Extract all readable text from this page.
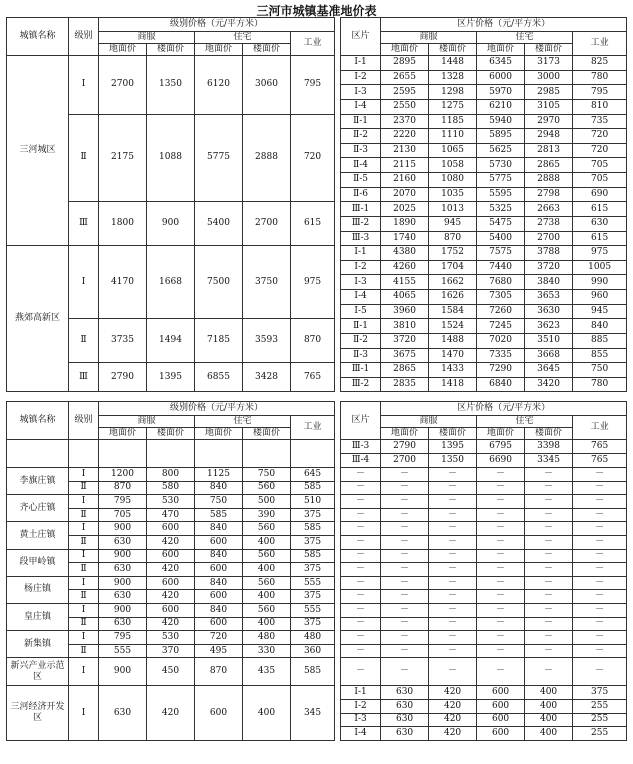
三河市城镇基准地价表
城镇名称	级别	级别价格（元/平方米）						区片	区片价格（元/平方米）				
		商服		住宅		工业			商服		住宅		工业
		地面价	楼面价	地面价	楼面价				地面价	楼面价	地面价	楼面价	
三河城区	Ⅰ	2700	1350	6120	3060	795		Ⅰ-1	2895	1448	6345	3173	825
								Ⅰ-2	2655	1328	6000	3000	780
								Ⅰ-3	2595	1298	5970	2985	795
								Ⅰ-4	2550	1275	6210	3105	810
	Ⅱ	2175	1088	5775	2888	720		Ⅱ-1	2370	1185	5940	2970	735
								Ⅱ-2	2220	1110	5895	2948	720
								Ⅱ-3	2130	1065	5625	2813	720
								Ⅱ-4	2115	1058	5730	2865	705
								Ⅱ-5	2160	1080	5775	2888	705
								Ⅱ-6	2070	1035	5595	2798	690
	Ⅲ	1800	900	5400	2700	615		Ⅲ-1	2025	1013	5325	2663	615
								Ⅲ-2	1890	945	5475	2738	630
								Ⅲ-3	1740	870	5400	2700	615
燕郊高新区	Ⅰ	4170	1668	7500	3750	975		Ⅰ-1	4380	1752	7575	3788	975
								Ⅰ-2	4260	1704	7440	3720	1005
								Ⅰ-3	4155	1662	7680	3840	990
								Ⅰ-4	4065	1626	7305	3653	960
								Ⅰ-5	3960	1584	7260	3630	945
	Ⅱ	3735	1494	7185	3593	870		Ⅱ-1	3810	1524	7245	3623	840
								Ⅱ-2	3720	1488	7020	3510	885
								Ⅱ-3	3675	1470	7335	3668	855
	Ⅲ	2790	1395	6855	3428	765		Ⅲ-1	2865	1433	7290	3645	750
								Ⅲ-2	2835	1418	6840	3420	780
城镇名称	级别	级别价格（元/平方米）						区片	区片价格（元/平方米）				
		商服		住宅		工业			商服		住宅		工业
		地面价	楼面价	地面价	楼面价				地面价	楼面价	地面价	楼面价	
								Ⅲ-3	2790	1395	6795	3398	765
								Ⅲ-4	2700	1350	6690	3345	765
李旗庄镇	Ⅰ	1200	800	1125	750	645		－	－	－	－	－	－
	Ⅱ	870	580	840	560	585		－	－	－	－	－	－
齐心庄镇	Ⅰ	795	530	750	500	510		－	－	－	－	－	－
	Ⅱ	705	470	585	390	375		－	－	－	－	－	－
黄土庄镇	Ⅰ	900	600	840	560	585		－	－	－	－	－	－
	Ⅱ	630	420	600	400	375		－	－	－	－	－	－
段甲岭镇	Ⅰ	900	600	840	560	585		－	－	－	－	－	－
	Ⅱ	630	420	600	400	375		－	－	－	－	－	－
杨庄镇	Ⅰ	900	600	840	560	555		－	－	－	－	－	－
	Ⅱ	630	420	600	400	375		－	－	－	－	－	－
皇庄镇	Ⅰ	900	600	840	560	555		－	－	－	－	－	－
	Ⅱ	630	420	600	400	375		－	－	－	－	－	－
新集镇	Ⅰ	795	530	720	480	480		－	－	－	－	－	－
	Ⅱ	555	370	495	330	360		－	－	－	－	－	－
新兴产业示范区	Ⅰ	900	450	870	435	585		－	－	－	－	－	－
三河经济开发区	Ⅰ	630	420	600	400	345		Ⅰ-1	630	420	600	400	375
								Ⅰ-2	630	420	600	400	255
								Ⅰ-3	630	420	600	400	255
								Ⅰ-4	630	420	600	400	255
